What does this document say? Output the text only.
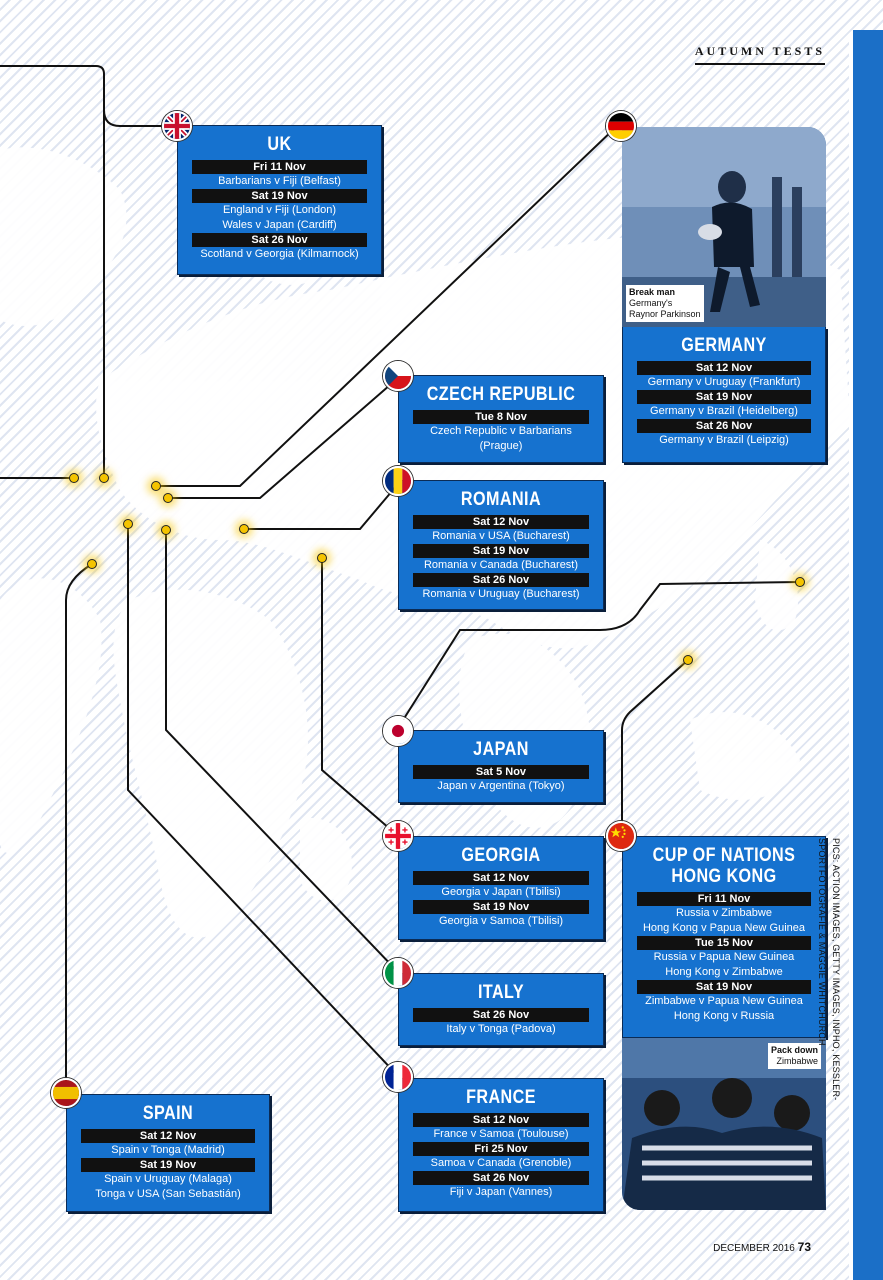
AUTUMN TESTS
UK
Fri 11 Nov
Barbarians v Fiji (Belfast)
Sat 19 Nov
England v Fiji (London)
Wales v Japan (Cardiff)
Sat 26 Nov
Scotland v Georgia (Kilmarnock)
Break man
Germany's
Raynor Parkinson
GERMANY
Sat 12 Nov
Germany v Uruguay (Frankfurt)
Sat 19 Nov
Germany v Brazil (Heidelberg)
Sat 26 Nov
Germany v Brazil (Leipzig)
CZECH REPUBLIC
Tue 8 Nov
Czech Republic v Barbarians
(Prague)
ROMANIA
Sat 12 Nov
Romania v USA (Bucharest)
Sat 19 Nov
Romania v Canada (Bucharest)
Sat 26 Nov
Romania v Uruguay (Bucharest)
JAPAN
Sat 5 Nov
Japan v Argentina (Tokyo)
GEORGIA
Sat 12 Nov
Georgia v Japan (Tbilisi)
Sat 19 Nov
Georgia v Samoa (Tbilisi)
CUP OF NATIONS
HONG KONG
Fri 11 Nov
Russia v Zimbabwe
Hong Kong v Papua New Guinea
Tue 15 Nov
Russia v Papua New Guinea
Hong Kong v Zimbabwe
Sat 19 Nov
Zimbabwe v Papua New Guinea
Hong Kong v Russia
Pack down
Zimbabwe
ITALY
Sat 26 Nov
Italy v Tonga (Padova)
SPAIN
Sat 12 Nov
Spain v Tonga (Madrid)
Sat 19 Nov
Spain v Uruguay (Malaga)
Tonga v USA (San Sebastián)
FRANCE
Sat 12 Nov
France v Samoa (Toulouse)
Fri 25 Nov
Samoa v Canada (Grenoble)
Sat 26 Nov
Fiji v Japan (Vannes)
PICS: ACTION IMAGES, GETTY IMAGES, INPHO, KESSLER-SPORTFOTOGRAFIE & MAGGIE WHITCHURCH
DECEMBER 2016 73
